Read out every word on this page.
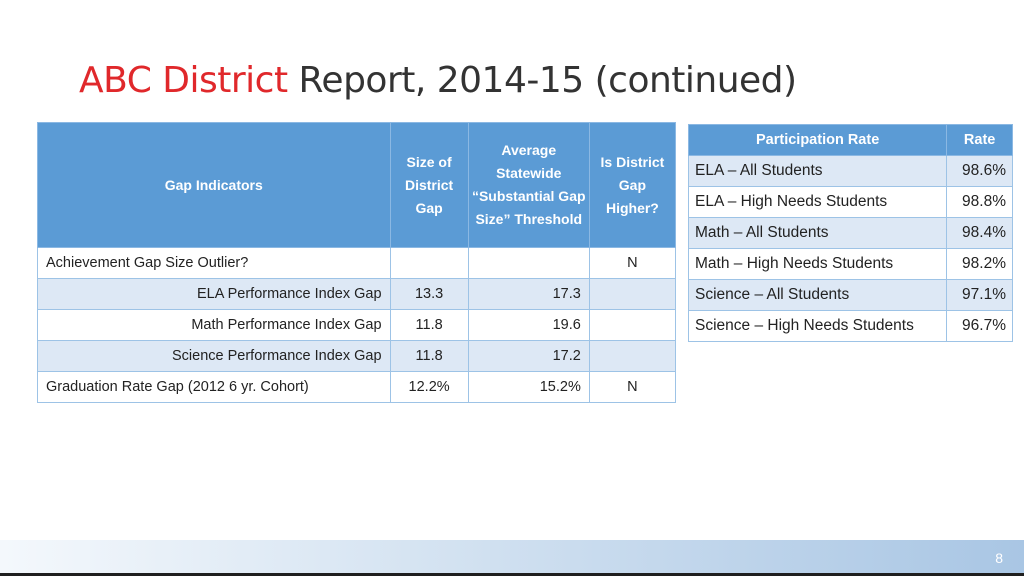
ABC District Report, 2014-15 (continued)
Gap Indicators	Size of District Gap	Average Statewide “Substantial Gap Size” Threshold	Is District Gap Higher?
Achievement Gap Size Outlier?			N
ELA Performance Index Gap	13.3	17.3	
Math Performance Index Gap	11.8	19.6	
Science Performance Index Gap	11.8	17.2	
Graduation Rate Gap (2012 6 yr. Cohort)	12.2%	15.2%	N
Participation Rate	Rate
ELA – All Students	98.6%
ELA – High Needs Students	98.8%
Math – All Students	98.4%
Math – High Needs Students	98.2%
Science – All Students	97.1%
Science – High Needs Students	96.7%
8
